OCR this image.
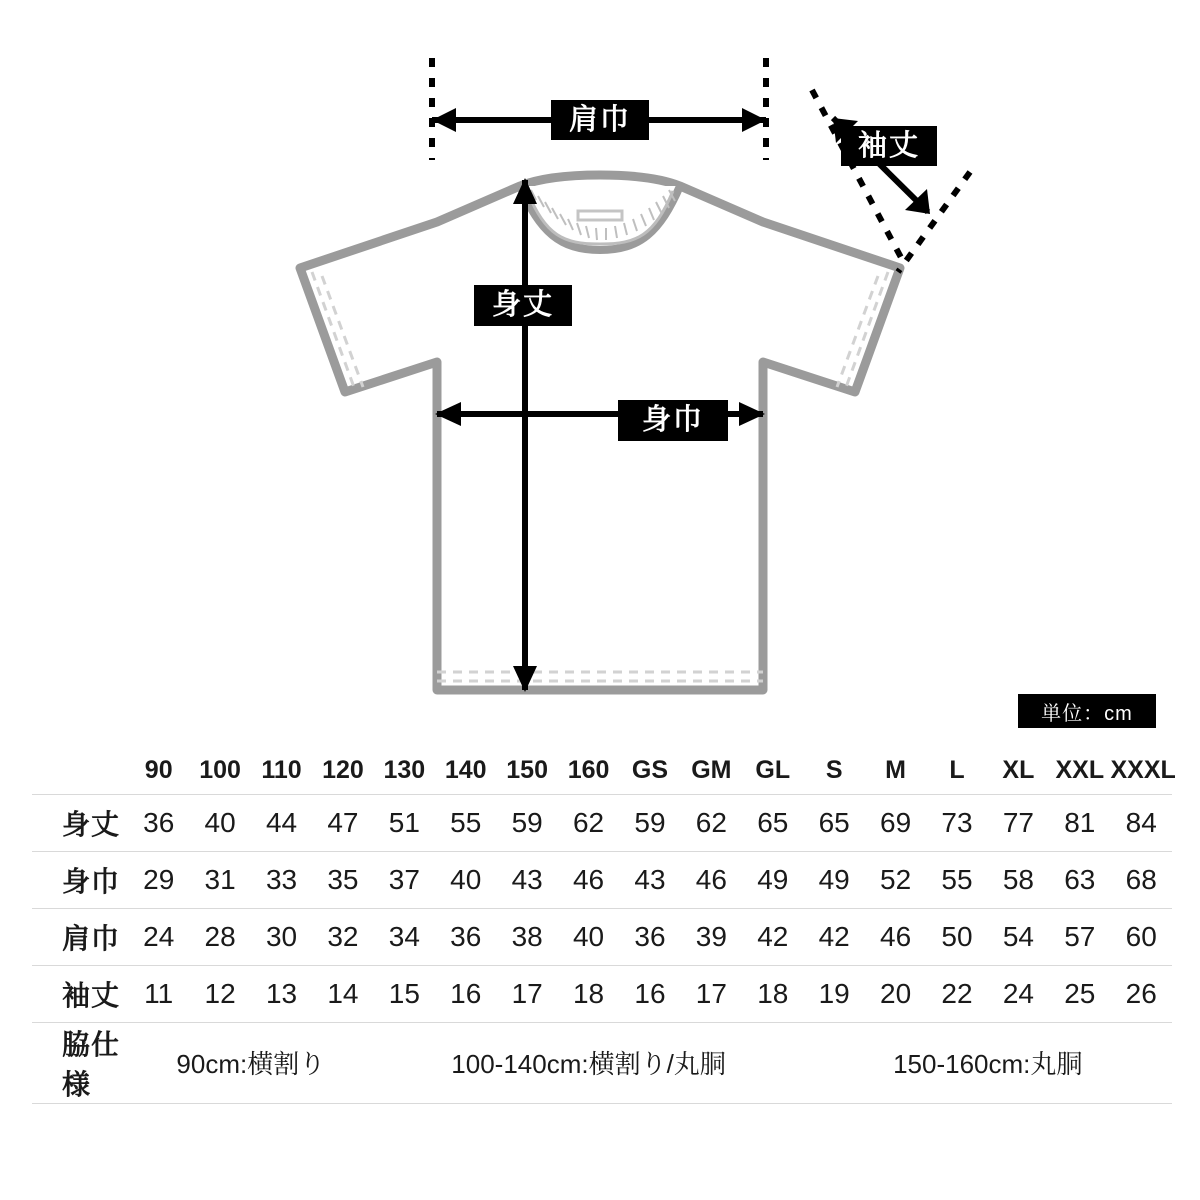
肩巾
袖丈
身丈
身巾
単位：cm
	90	100	110	120	130	140	150	160	GS	GM	GL	S	M	L	XL	XXL	XXXL
身丈	36	40	44	47	51	55	59	62	59	62	65	65	69	73	77	81	84
身巾	29	31	33	35	37	40	43	46	43	46	49	49	52	55	58	63	68
肩巾	24	28	30	32	34	36	38	40	36	39	42	42	46	50	54	57	60
袖丈	11	12	13	14	15	16	17	18	16	17	18	19	20	22	24	25	26
脇仕様	90cm:横割り				100-140cm:横割り/丸胴							150-160cm:丸胴					
